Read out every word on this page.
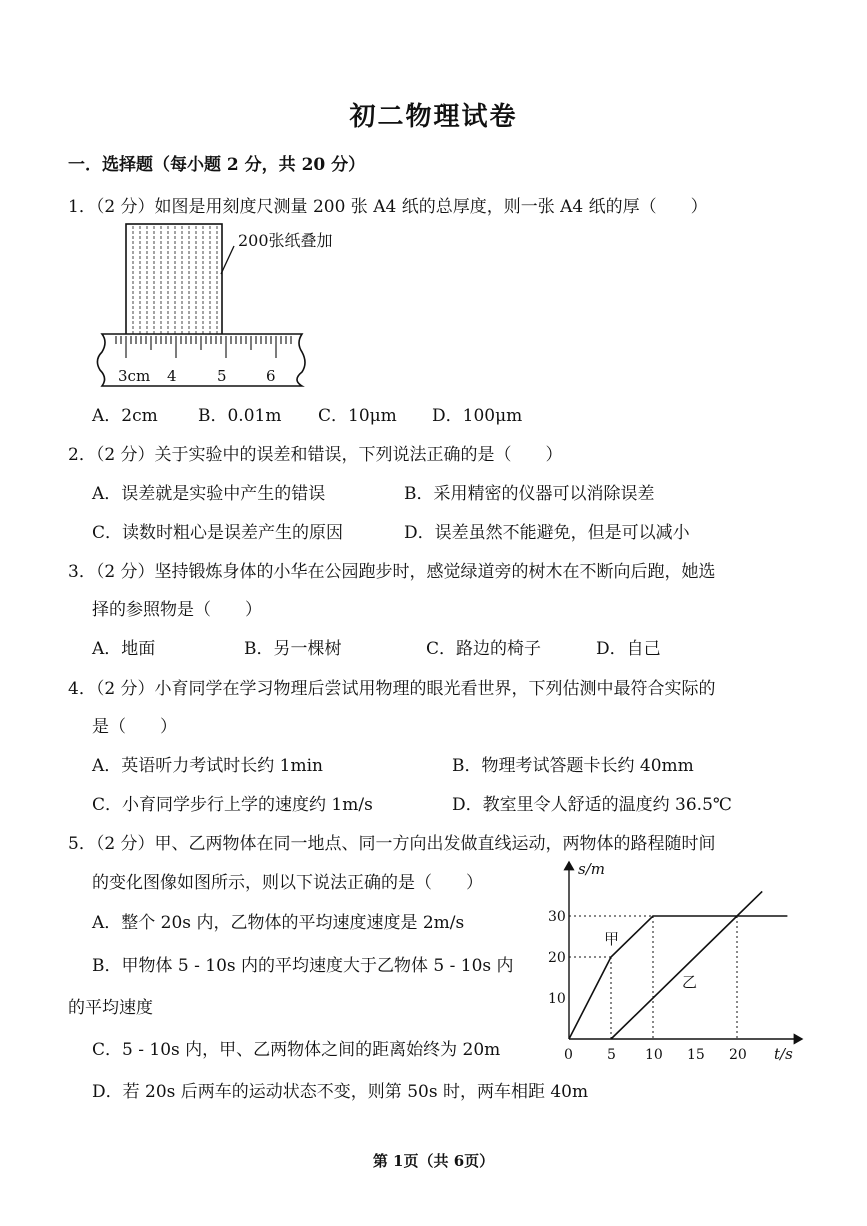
初二物理试卷
一．选择题（每小题 2 分，共 20 分）
1．（2 分）如图是用刻度尺测量 200 张 A4 纸的总厚度，则一张 A4 纸的厚（　　）
200张纸叠加
3cm 4	5	6
A．2cm B．0.01m C．10μm D．100μm
2．（2 分）关于实验中的误差和错误，下列说法正确的是（　　）
A．误差就是实验中产生的错误	B．采用精密的仪器可以消除误差
C．读数时粗心是误差产生的原因	D．误差虽然不能避免，但是可以减小
3．（2 分）坚持锻炼身体的小华在公园跑步时，感觉绿道旁的树木在不断向后跑，她选
择的参照物是（　　）
A．地面	B．另一棵树	C．路边的椅子	D．自己
4．（2 分）小育同学在学习物理后尝试用物理的眼光看世界，下列估测中最符合实际的
是（　　）
A．英语听力考试时长约 1min	B．物理考试答题卡长约 40mm
C．小育同学步行上学的速度约 1m/s	D．教室里令人舒适的温度约 36.5℃
5．（2 分）甲、乙两物体在同一地点、同一方向出发做直线运动，两物体的路程随时间
的变化图像如图所示，则以下说法正确的是（　　）
A．整个 20s 内，乙物体的平均速度速度是 2m/s
B．甲物体 5 - 10s 内的平均速度大于乙物体 5 - 10s 内
的平均速度
C．5 - 10s 内，甲、乙两物体之间的距离始终为 20m
D．若 20s 后两车的运动状态不变，则第 50s 时，两车相距 40m
s/m
t/s
0 5 10 15 20
10
20
30
甲
乙
第 1页（共 6页）
